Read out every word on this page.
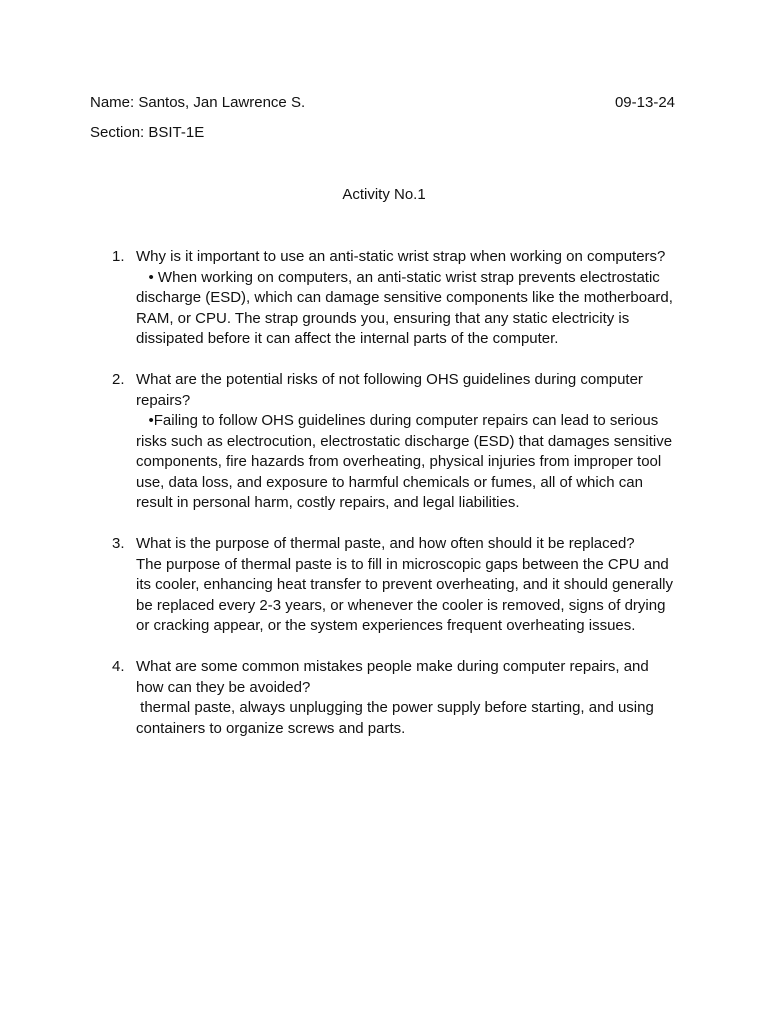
Name: Santos, Jan Lawrence S.	09-13-24
Section: BSIT-1E
Activity No.1
1. Why is it important to use an anti-static wrist strap when working on computers?
• When working on computers, an anti-static wrist strap prevents electrostatic discharge (ESD), which can damage sensitive components like the motherboard, RAM, or CPU. The strap grounds you, ensuring that any static electricity is dissipated before it can affect the internal parts of the computer.
2. What are the potential risks of not following OHS guidelines during computer repairs?
•Failing to follow OHS guidelines during computer repairs can lead to serious risks such as electrocution, electrostatic discharge (ESD) that damages sensitive components, fire hazards from overheating, physical injuries from improper tool use, data loss, and exposure to harmful chemicals or fumes, all of which can result in personal harm, costly repairs, and legal liabilities.
3. What is the purpose of thermal paste, and how often should it be replaced?
The purpose of thermal paste is to fill in microscopic gaps between the CPU and its cooler, enhancing heat transfer to prevent overheating, and it should generally be replaced every 2-3 years, or whenever the cooler is removed, signs of drying or cracking appear, or the system experiences frequent overheating issues.
4. What are some common mistakes people make during computer repairs, and how can they be avoided?
thermal paste, always unplugging the power supply before starting, and using containers to organize screws and parts.
